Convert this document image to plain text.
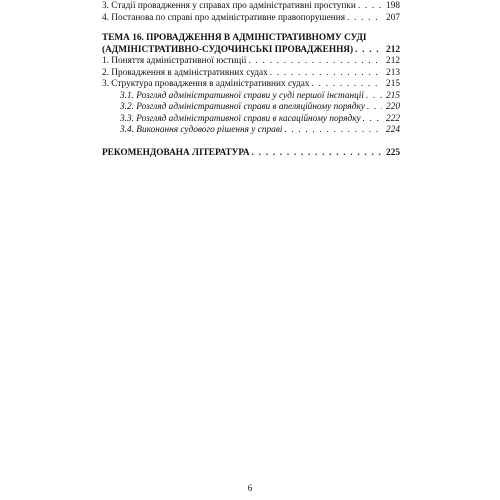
3. Стадії провадження у справах про адміністративні проступки . . .	198
4. Постанова по справі про адміністративне правопорушення . . .	207
ТЕМА 16. ПРОВАДЖЕННЯ В АДМІНІСТРАТИВНОМУ СУДІ
(АДМІНІСТРАТИВНО-СУДОЧИНСЬКІ ПРОВАДЖЕННЯ) . . .	212
1. Поняття адміністративної юстиції . . .	212
2. Провадження в адміністративних судах . . .	213
3. Структура провадження в адміністративних судах . . .	215
3.1. Розгляд адміністративної справи у суді першої інстанції . . . 215
3.2. Розгляд адміністративної справи в апеляційному порядку . . . 220
3.3. Розгляд адміністративної справи в касаційному порядку . . .	222
3.4. Виконання судового рішення у справі . . .	224
РЕКОМЕНДОВАНА ЛІТЕРАТУРА . . .	225
6
